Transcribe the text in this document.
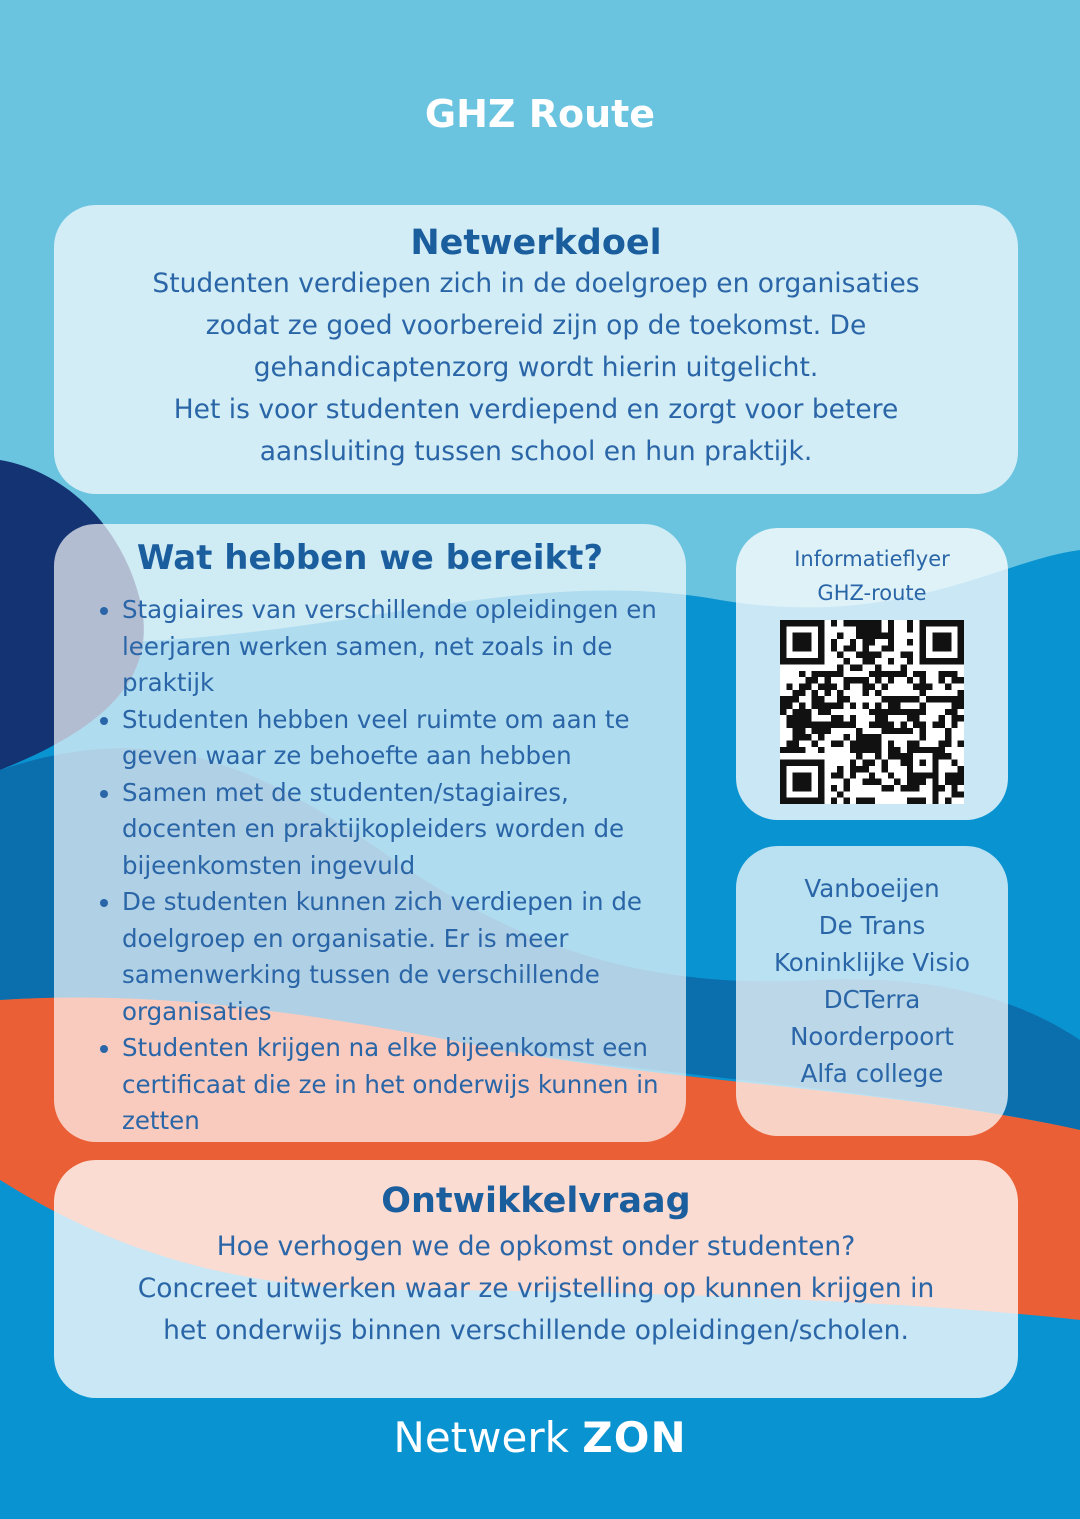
GHZ Route
Netwerkdoel

Studenten verdiepen zich in de doelgroep en organisaties
zodat ze goed voorbereid zijn op de toekomst. De
gehandicaptenzorg wordt hierin uitgelicht.
Het is voor studenten verdiepend en zorgt voor betere
aansluiting tussen school en hun praktijk.

Wat hebben we bereikt?
• Stagiaires van verschillende opleidingen en leerjaren werken samen, net zoals in de praktijk
• Studenten hebben veel ruimte om aan te geven waar ze behoefte aan hebben
• Samen met de studenten/stagiaires, docenten en praktijkopleiders worden de bijeenkomsten ingevuld
• De studenten kunnen zich verdiepen in de doelgroep en organisatie. Er is meer samenwerking tussen de verschillende organisaties
• Studenten krijgen na elke bijeenkomst een certificaat die ze in het onderwijs kunnen in zetten
Informatieflyer
GHZ-route
Vanboeijen
De Trans
Koninklijke Visio
DCTerra
Noorderpoort
Alfa college
Ontwikkelvraag

Hoe verhogen we de opkomst onder studenten?
Concreet uitwerken waar ze vrijstelling op kunnen krijgen in
het onderwijs binnen verschillende opleidingen/scholen.

Netwerk ZON
